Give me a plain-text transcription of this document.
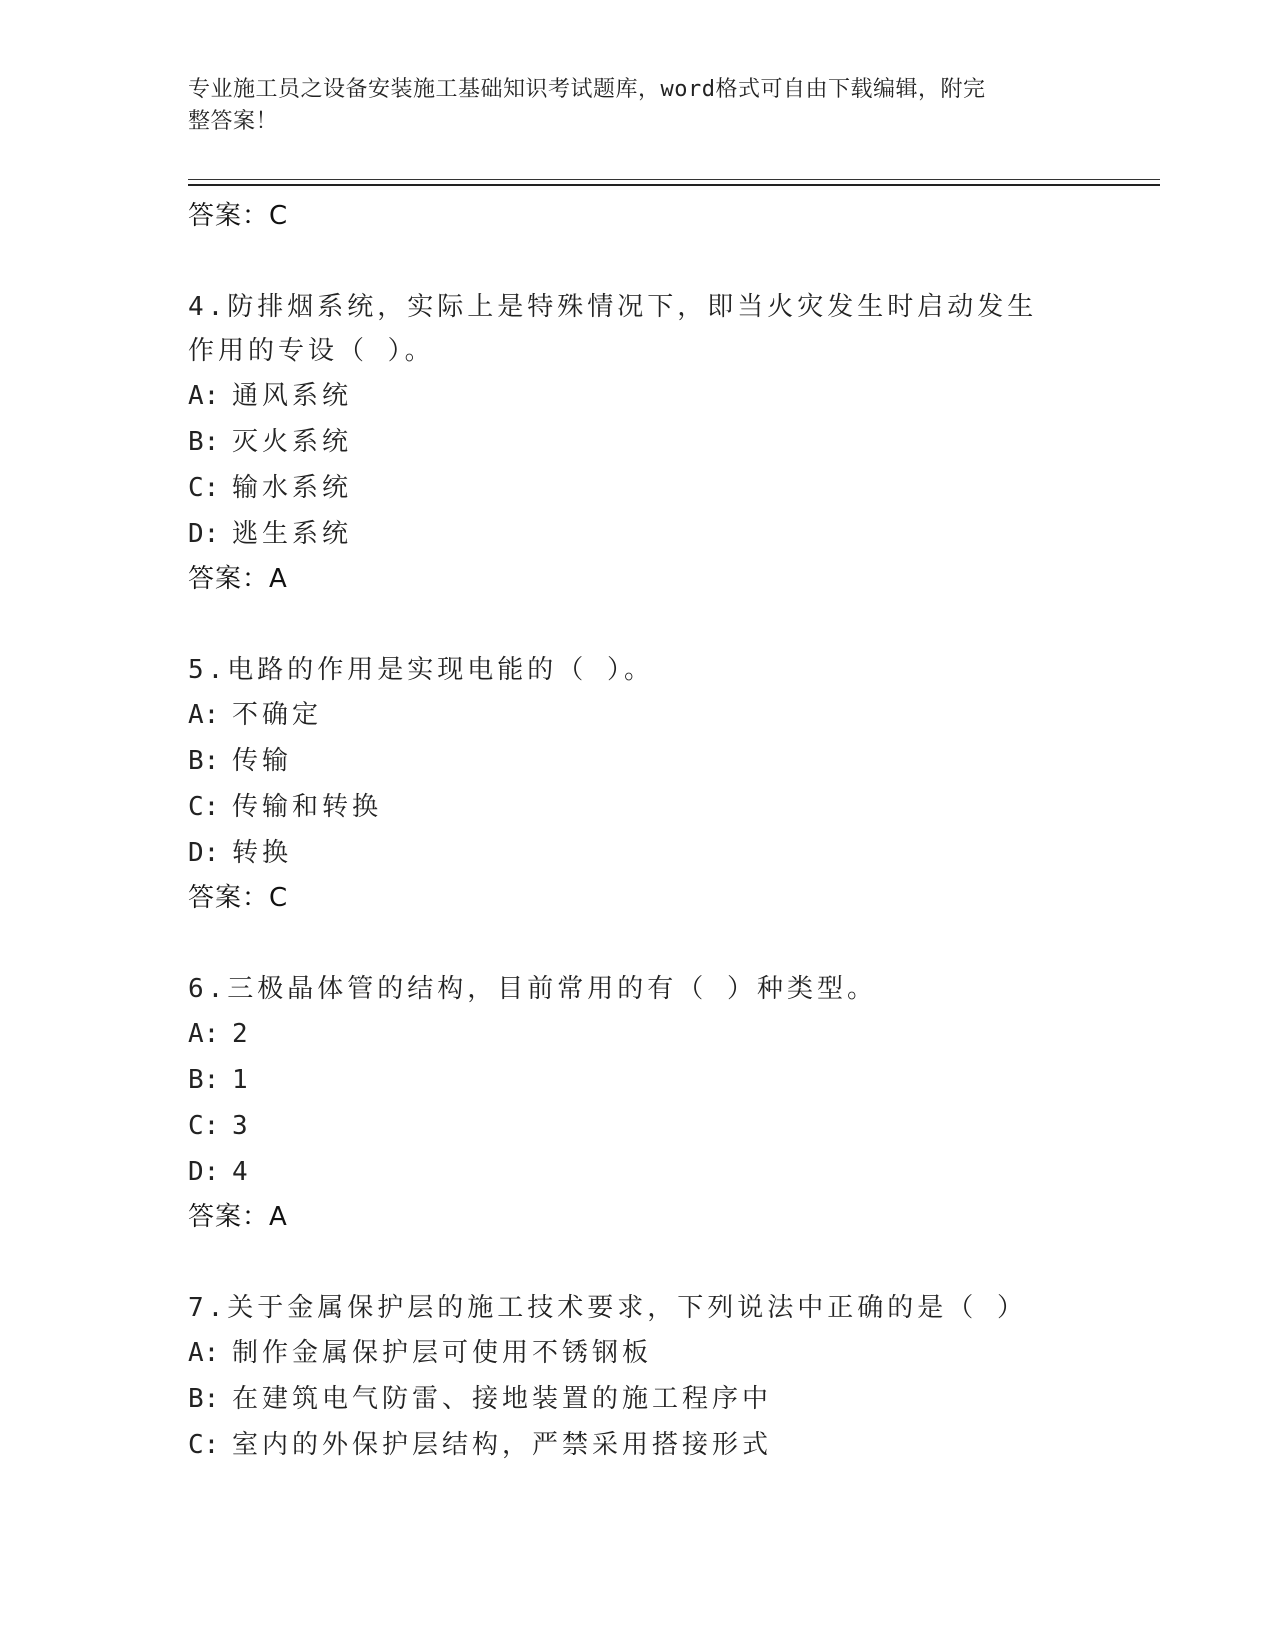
专业施工员之设备安装施工基础知识考试题库，word格式可自由下载编辑，附完
整答案！
答案：C
4.防排烟系统，实际上是特殊情况下，即当火灾发生时启动发生作用的专设（ ）。
A: 通风系统
B: 灭火系统
C: 输水系统
D: 逃生系统
答案：A
5.电路的作用是实现电能的（ ）。
A: 不确定
B: 传输
C: 传输和转换
D: 转换
答案：C
6.三极晶体管的结构，目前常用的有（ ）种类型。
A: 2
B: 1
C: 3
D: 4
答案：A
7.关于金属保护层的施工技术要求，下列说法中正确的是（ ）
A: 制作金属保护层可使用不锈钢板
B: 在建筑电气防雷、接地装置的施工程序中
C: 室内的外保护层结构，严禁采用搭接形式
